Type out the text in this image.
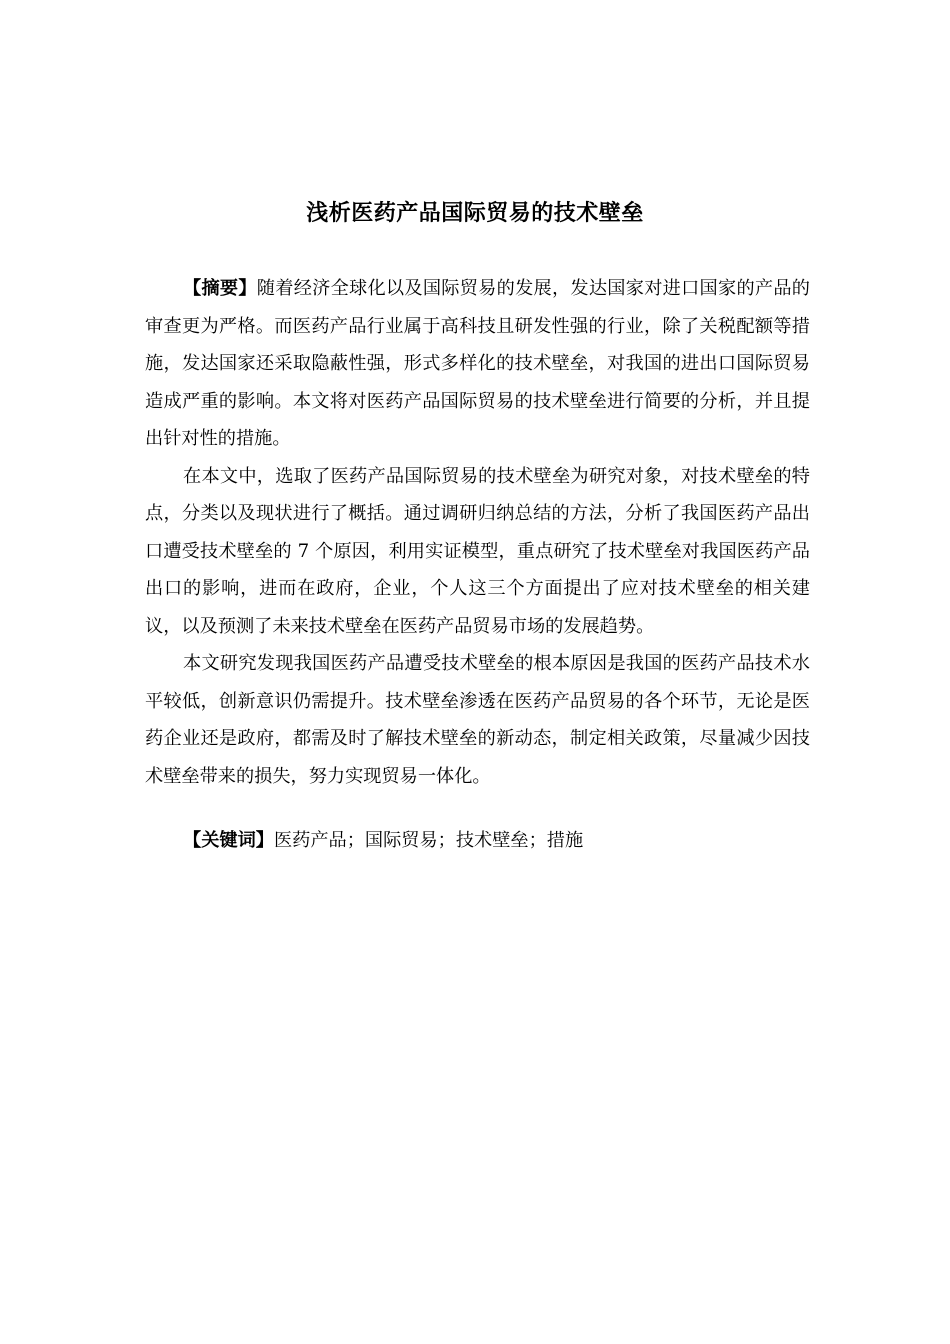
浅析医药产品国际贸易的技术壁垒

【摘要】随着经济全球化以及国际贸易的发展，发达国家对进口国家的产品的审查更为严格。而医药产品行业属于高科技且研发性强的行业，除了关税配额等措施，发达国家还采取隐蔽性强，形式多样化的技术壁垒，对我国的进出口国际贸易造成严重的影响。本文将对医药产品国际贸易的技术壁垒进行简要的分析，并且提出针对性的措施。

在本文中，选取了医药产品国际贸易的技术壁垒为研究对象，对技术壁垒的特点，分类以及现状进行了概括。通过调研归纳总结的方法，分析了我国医药产品出口遭受技术壁垒的 7 个原因，利用实证模型，重点研究了技术壁垒对我国医药产品出口的影响，进而在政府，企业，个人这三个方面提出了应对技术壁垒的相关建议，以及预测了未来技术壁垒在医药产品贸易市场的发展趋势。

本文研究发现我国医药产品遭受技术壁垒的根本原因是我国的医药产品技术水平较低，创新意识仍需提升。技术壁垒渗透在医药产品贸易的各个环节，无论是医药企业还是政府，都需及时了解技术壁垒的新动态，制定相关政策，尽量减少因技术壁垒带来的损失，努力实现贸易一体化。

【关键词】医药产品；国际贸易；技术壁垒；措施
